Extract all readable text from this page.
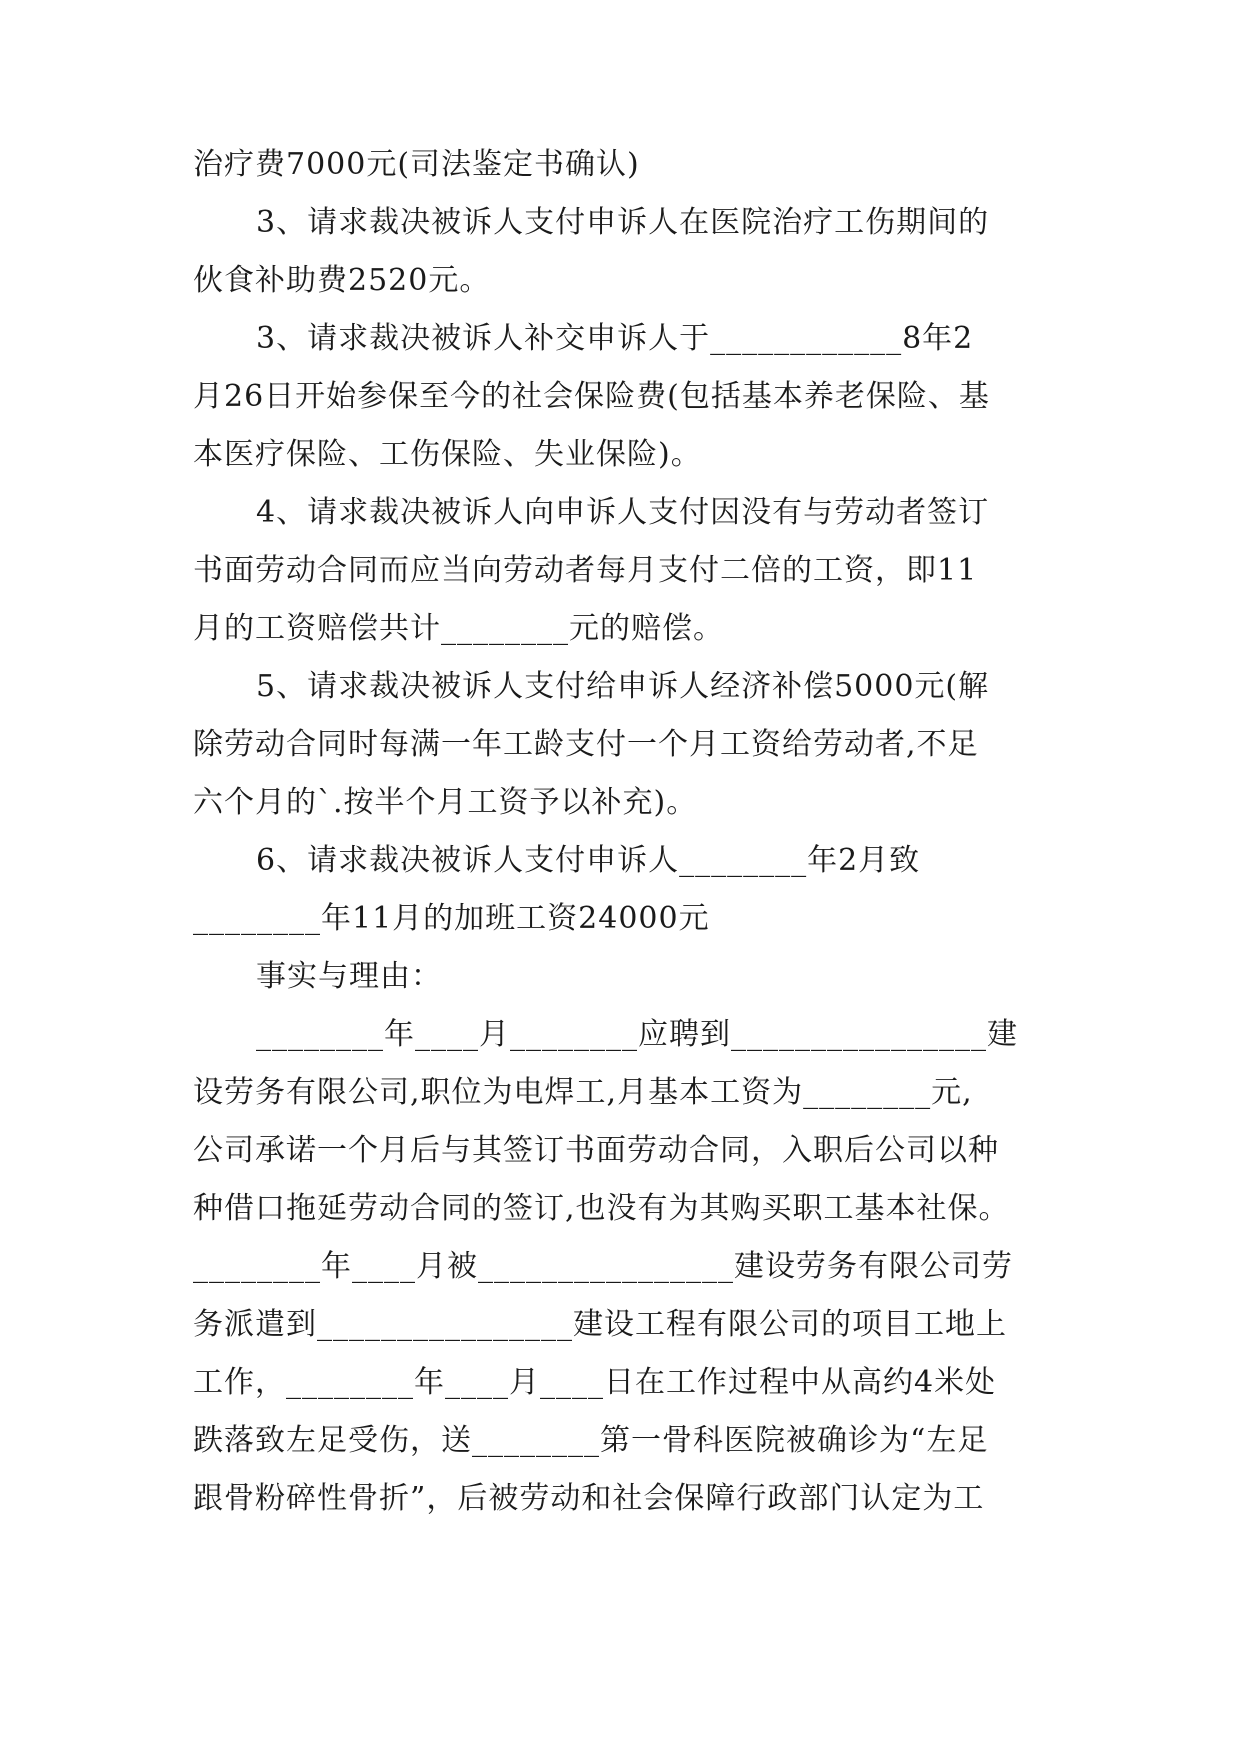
治疗费7000元(司法鉴定书确认)
3、请求裁决被诉人支付申诉人在医院治疗工伤期间的
伙食补助费2520元。
3、请求裁决被诉人补交申诉人于____________8年2
月26日开始参保至今的社会保险费(包括基本养老保险、基
本医疗保险、工伤保险、失业保险)。
4、请求裁决被诉人向申诉人支付因没有与劳动者签订
书面劳动合同而应当向劳动者每月支付二倍的工资，即11
月的工资赔偿共计________元的赔偿。
5、请求裁决被诉人支付给申诉人经济补偿5000元(解
除劳动合同时每满一年工龄支付一个月工资给劳动者,不足
六个月的`.按半个月工资予以补充)。
6、请求裁决被诉人支付申诉人________年2月致
________年11月的加班工资24000元
事实与理由：
________年____月________应聘到________________建
设劳务有限公司,职位为电焊工,月基本工资为________元,
公司承诺一个月后与其签订书面劳动合同，入职后公司以种
种借口拖延劳动合同的签订,也没有为其购买职工基本社保。
________年____月被________________建设劳务有限公司劳
务派遣到________________建设工程有限公司的项目工地上
工作，________年____月____日在工作过程中从高约4米处
跌落致左足受伤，送________第一骨科医院被确诊为“左足
跟骨粉碎性骨折”，后被劳动和社会保障行政部门认定为工
